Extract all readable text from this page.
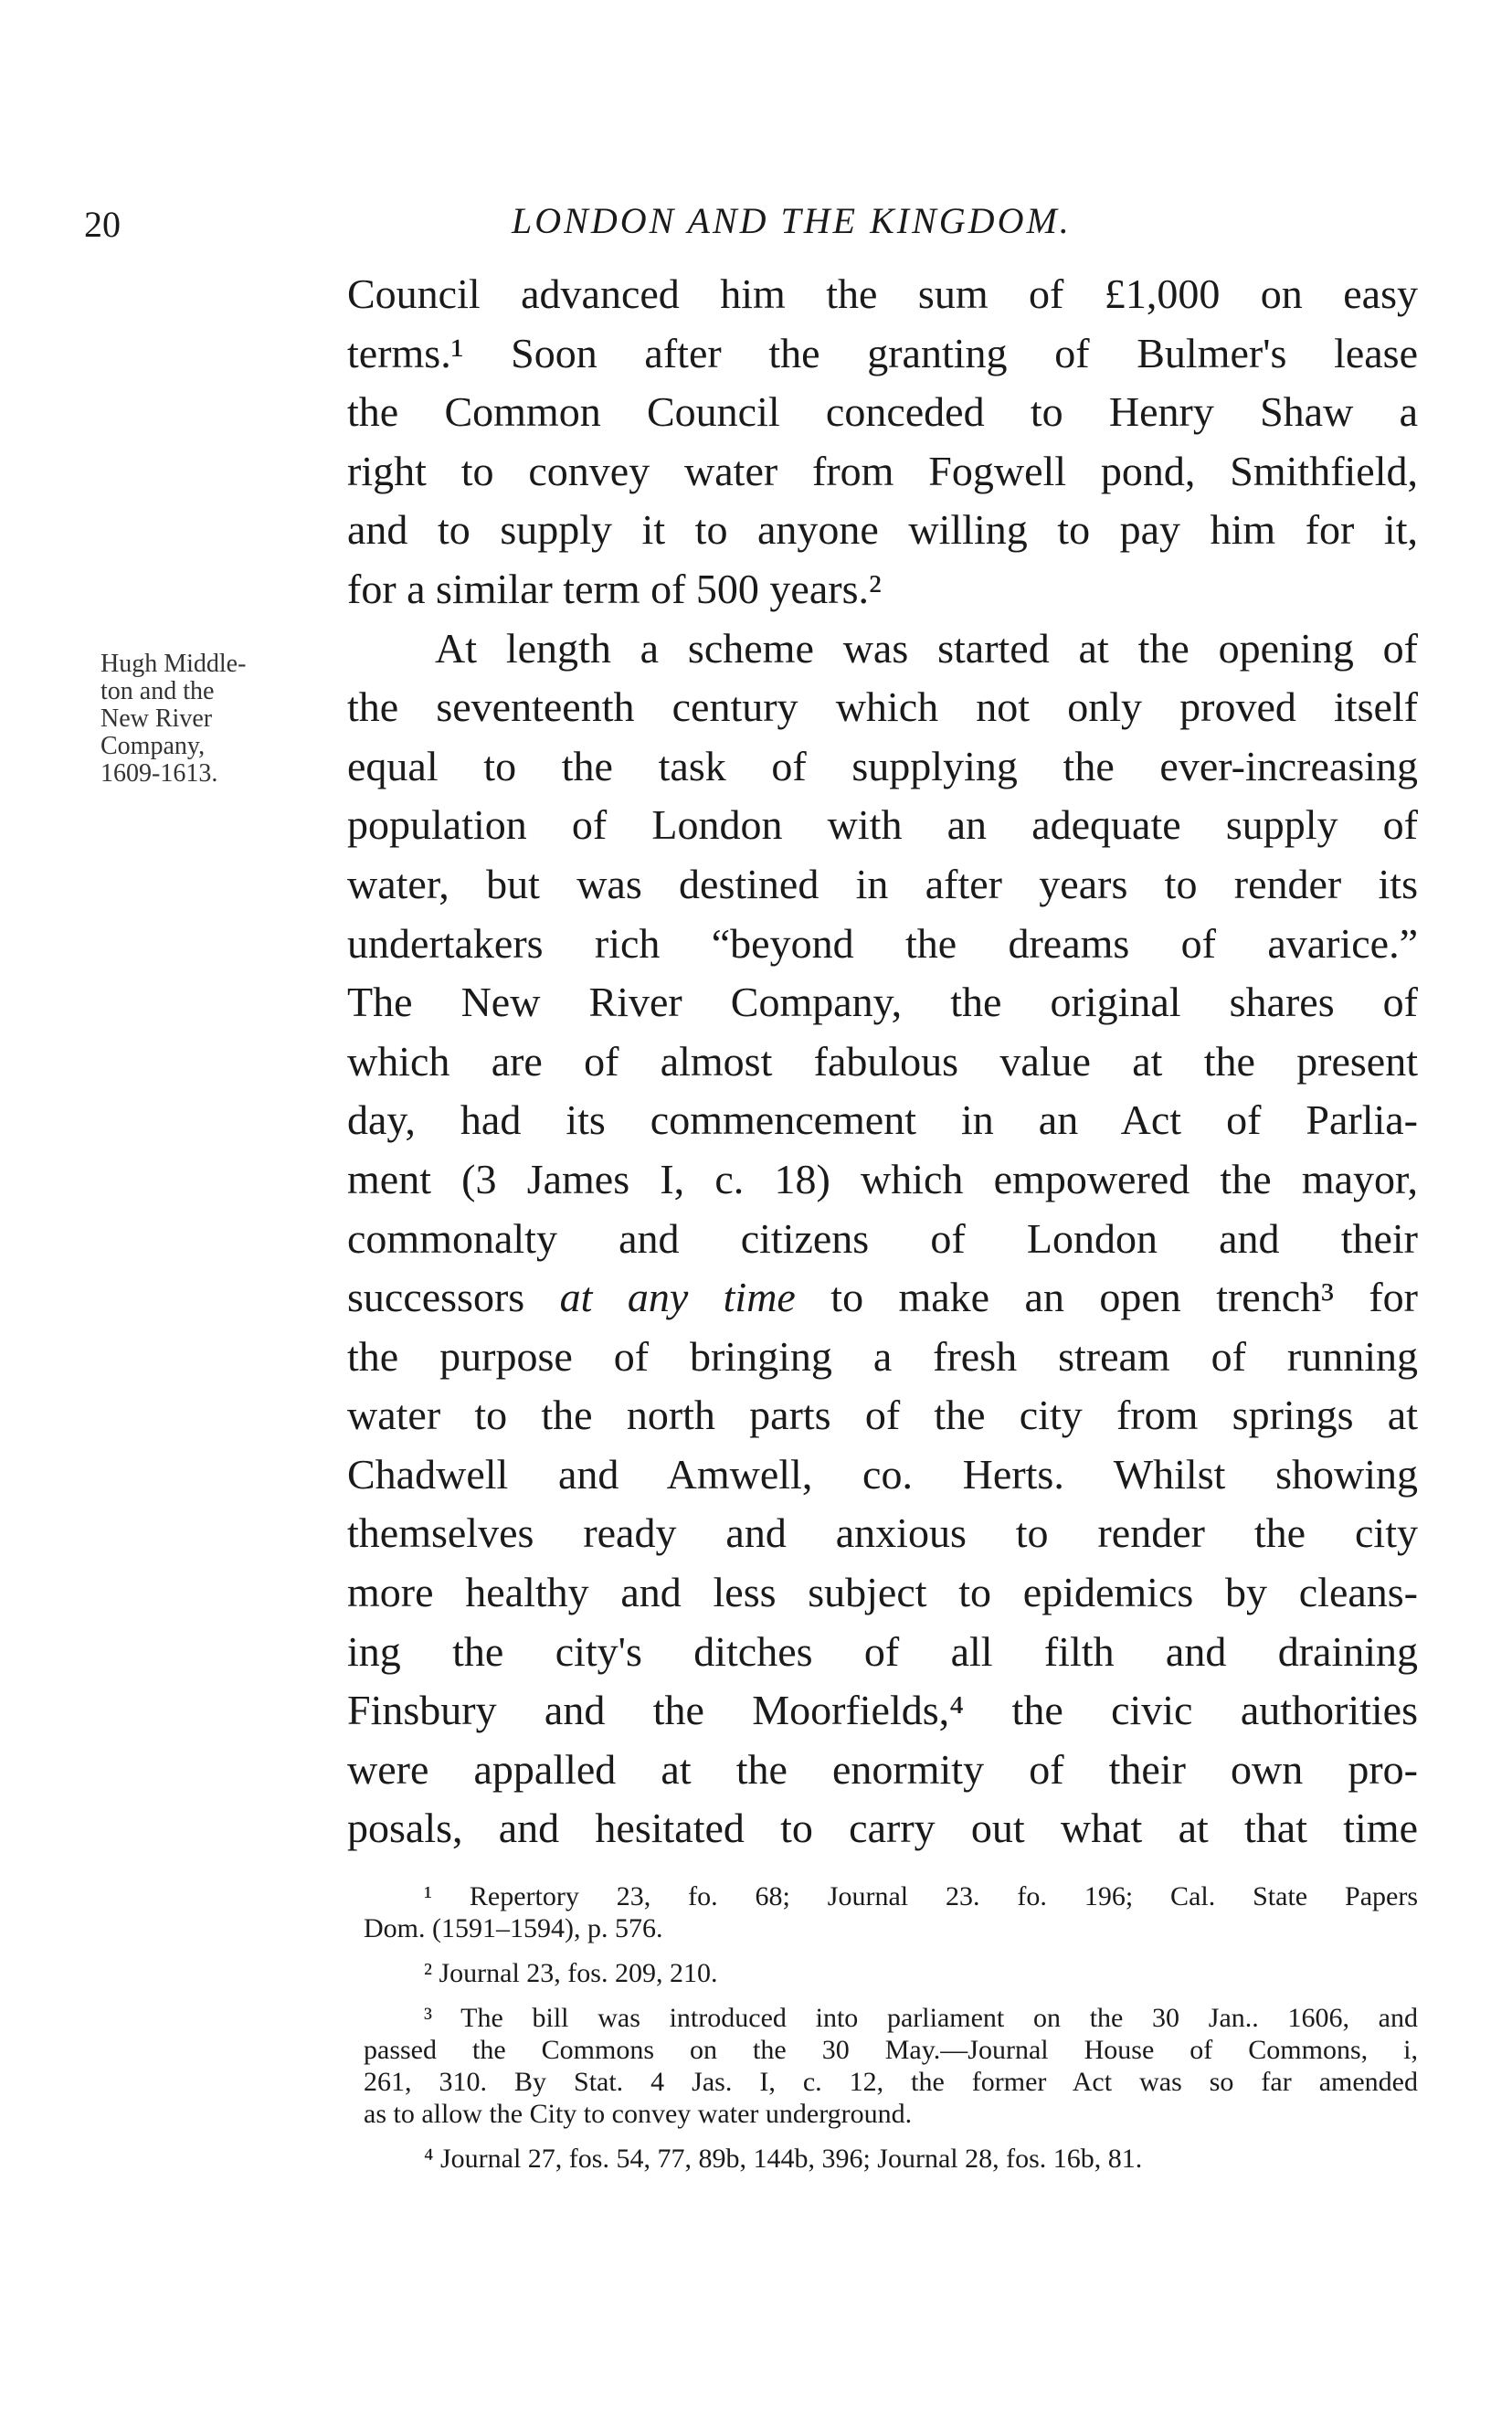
20	LONDON AND THE KINGDOM.
Hugh Middle-
ton and the
New River
Company,
1609-1613.
Council advanced him the sum of £1,000 on easy
terms.¹ Soon after the granting of Bulmer's lease
the Common Council conceded to Henry Shaw a
right to convey water from Fogwell pond, Smithfield,
and to supply it to anyone willing to pay him for it,
for a similar term of 500 years.²
At length a scheme was started at the opening of
the seventeenth century which not only proved itself
equal to the task of supplying the ever-increasing
population of London with an adequate supply of
water, but was destined in after years to render its
undertakers rich “beyond the dreams of avarice.”
The New River Company, the original shares of
which are of almost fabulous value at the present
day, had its commencement in an Act of Parlia-
ment (3 James I, c. 18) which empowered the mayor,
commonalty and citizens of London and their
successors at any time to make an open trench³ for
the purpose of bringing a fresh stream of running
water to the north parts of the city from springs at
Chadwell and Amwell, co. Herts. Whilst showing
themselves ready and anxious to render the city
more healthy and less subject to epidemics by cleans-
ing the city's ditches of all filth and draining
Finsbury and the Moorfields,⁴ the civic authorities
were appalled at the enormity of their own pro-
posals, and hesitated to carry out what at that time
¹ Repertory 23, fo. 68; Journal 23. fo. 196; Cal. State Papers
Dom. (1591–1594), p. 576.
² Journal 23, fos. 209, 210.
³ The bill was introduced into parliament on the 30 Jan.. 1606, and
passed the Commons on the 30 May.—Journal House of Commons, i,
261, 310. By Stat. 4 Jas. I, c. 12, the former Act was so far amended
as to allow the City to convey water underground.
⁴ Journal 27, fos. 54, 77, 89b, 144b, 396; Journal 28, fos. 16b, 81.
